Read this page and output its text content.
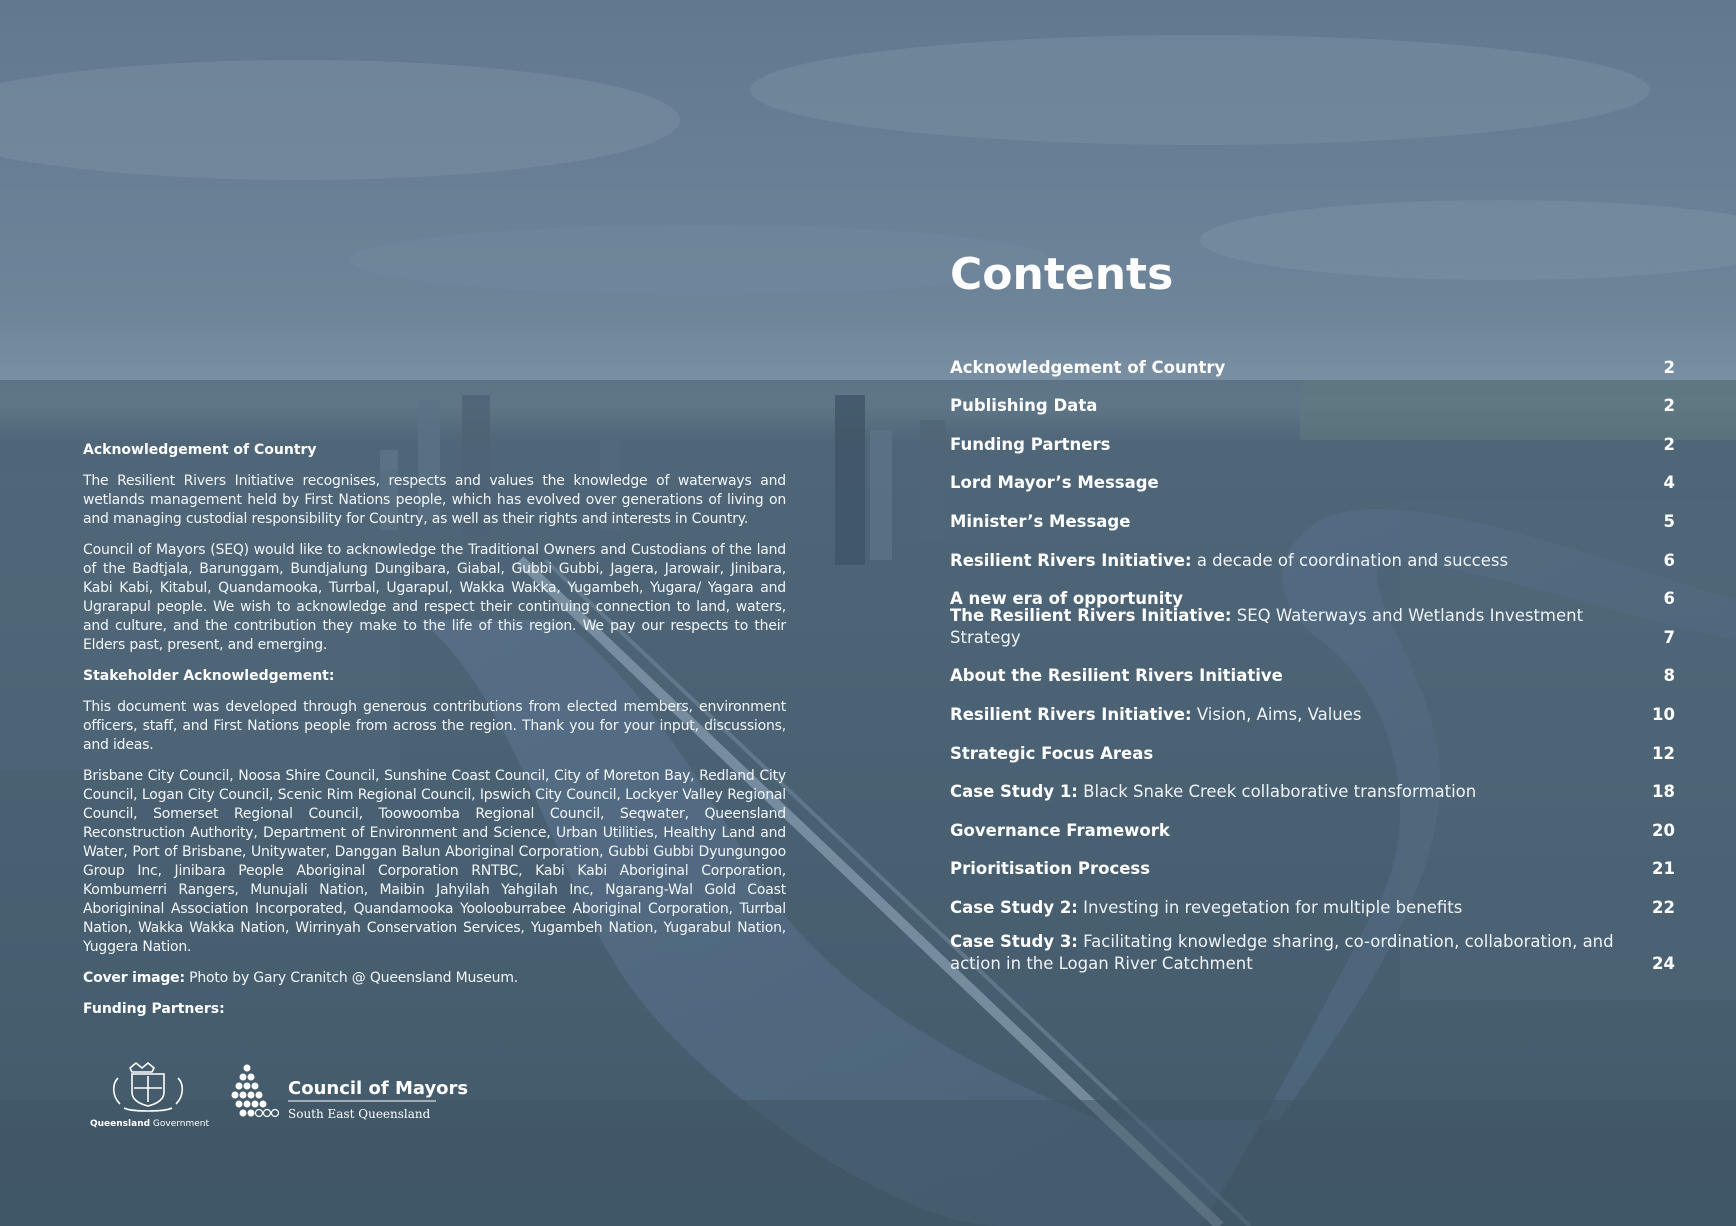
Acknowledgement of Country

The Resilient Rivers Initiative recognises, respects and values the knowledge of waterways and wetlands management held by First Nations people, which has evolved over generations of living on and managing custodial responsibility for Country, as well as their rights and interests in Country.

Council of Mayors (SEQ) would like to acknowledge the Traditional Owners and Custodians of the land of the Badtjala, Barunggam, Bundjalung Dungibara, Giabal, Gubbi Gubbi, Jagera, Jarowair, Jinibara, Kabi Kabi, Kitabul, Quandamooka, Turrbal, Ugarapul, Wakka Wakka, Yugambeh, Yugara/ Yagara and Ugrarapul people. We wish to acknowledge and respect their continuing connection to land, waters, and culture, and the contribution they make to the life of this region. We pay our respects to their Elders past, present, and emerging.

Stakeholder Acknowledgement:

This document was developed through generous contributions from elected members, environment officers, staff, and First Nations people from across the region. Thank you for your input, discussions, and ideas.

Brisbane City Council, Noosa Shire Council, Sunshine Coast Council, City of Moreton Bay, Redland City Council, Logan City Council, Scenic Rim Regional Council, Ipswich City Council, Lockyer Valley Regional Council, Somerset Regional Council, Toowoomba Regional Council, Seqwater, Queensland Reconstruction Authority, Department of Environment and Science, Urban Utilities, Healthy Land and Water, Port of Brisbane, Unitywater, Danggan Balun Aboriginal Corporation, Gubbi Gubbi Dyungungoo Group Inc, Jinibara People Aboriginal Corporation RNTBC, Kabi Kabi Aboriginal Corporation, Kombumerri Rangers, Munujali Nation, Maibin Jahyilah Yahgilah Inc, Ngarang-Wal Gold Coast Aborigininal Association Incorporated, Quandamooka Yoolooburrabee Aboriginal Corporation, Turrbal Nation, Wakka Wakka Nation, Wirrinyah Conservation Services, Yugambeh Nation, Yugarabul Nation, Yuggera Nation.

Cover image: Photo by Gary Cranitch @ Queensland Museum.

Funding Partners:
Queensland Government
Council of Mayors
South East Queensland
Contents
Acknowledgement of Country	2
Publishing Data	2
Funding Partners	2
Lord Mayor’s Message	4
Minister’s Message	5
Resilient Rivers Initiative: a decade of coordination and success	6
A new era of opportunity	6
The Resilient Rivers Initiative: SEQ Waterways and Wetlands Investment Strategy	7
About the Resilient Rivers Initiative	8
Resilient Rivers Initiative: Vision, Aims, Values	10
Strategic Focus Areas	12
Case Study 1: Black Snake Creek collaborative transformation	18
Governance Framework	20
Prioritisation Process	21
Case Study 2: Investing in revegetation for multiple benefits	22
Case Study 3: Facilitating knowledge sharing, co-ordination, collaboration, and action in the Logan River Catchment	24
